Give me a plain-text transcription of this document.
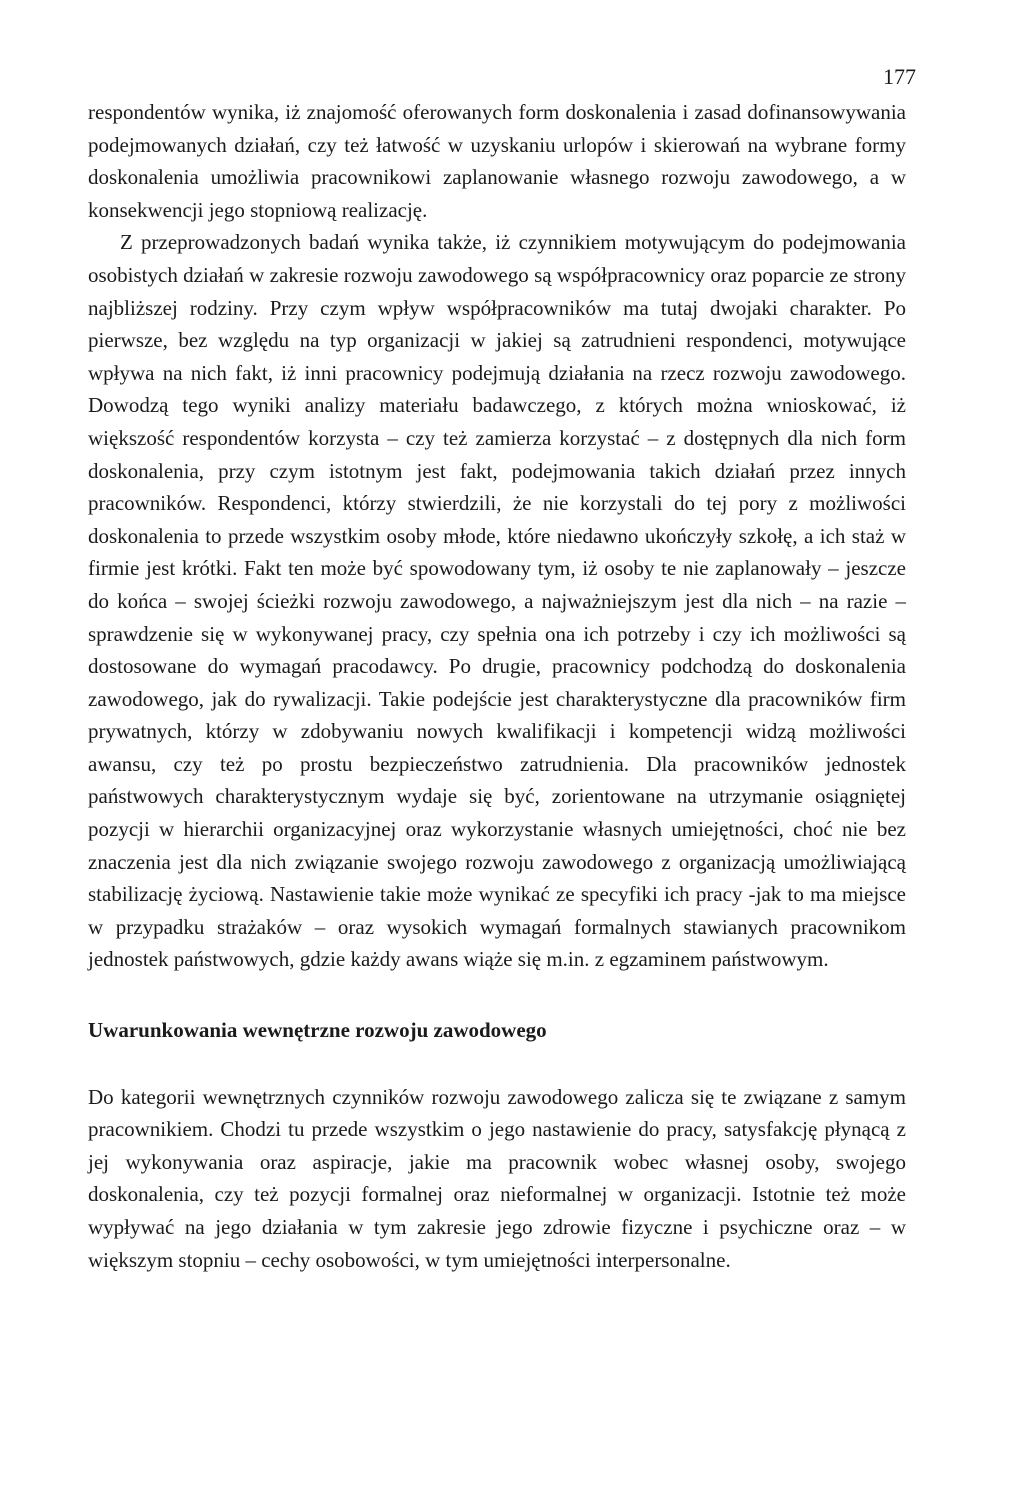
177

respondentów wynika, iż znajomość oferowanych form doskonalenia i zasad dofinansowywania podejmowanych działań, czy też łatwość w uzyskaniu urlopów i skierowań na wybrane formy doskonalenia umożliwia pracownikowi zaplanowanie własnego rozwoju zawodowego, a w konsekwencji jego stopniową realizację.

Z przeprowadzonych badań wynika także, iż czynnikiem motywującym do podejmowania osobistych działań w zakresie rozwoju zawodowego są współpracownicy oraz poparcie ze strony najbliższej rodziny. Przy czym wpływ współpracowników ma tutaj dwojaki charakter. Po pierwsze, bez względu na typ organizacji w jakiej są zatrudnieni respondenci, motywujące wpływa na nich fakt, iż inni pracownicy podejmują działania na rzecz rozwoju zawodowego. Dowodzą tego wyniki analizy materiału badawczego, z których można wnioskować, iż większość respondentów korzysta – czy też zamierza korzystać – z dostępnych dla nich form doskonalenia, przy czym istotnym jest fakt, podejmowania takich działań przez innych pracowników. Respondenci, którzy stwierdzili, że nie korzystali do tej pory z możliwości doskonalenia to przede wszystkim osoby młode, które niedawno ukończyły szkołę, a ich staż w firmie jest krótki. Fakt ten może być spowodowany tym, iż osoby te nie zaplanowały – jeszcze do końca – swojej ścieżki rozwoju zawodowego, a najważniejszym jest dla nich – na razie – sprawdzenie się w wykonywanej pracy, czy spełnia ona ich potrzeby i czy ich możliwości są dostosowane do wymagań pracodawcy. Po drugie, pracownicy podchodzą do doskonalenia zawodowego, jak do rywalizacji. Takie podejście jest charakterystyczne dla pracowników firm prywatnych, którzy w zdobywaniu nowych kwalifikacji i kompetencji widzą możliwości awansu, czy też po prostu bezpieczeństwo zatrudnienia. Dla pracowników jednostek państwowych charakterystycznym wydaje się być, zorientowane na utrzymanie osiągniętej pozycji w hierarchii organizacyjnej oraz wykorzystanie własnych umiejętności, choć nie bez znaczenia jest dla nich związanie swojego rozwoju zawodowego z organizacją umożliwiającą stabilizację życiową. Nastawienie takie może wynikać ze specyfiki ich pracy -jak to ma miejsce w przypadku strażaków – oraz wysokich wymagań formalnych stawianych pracownikom jednostek państwowych, gdzie każdy awans wiąże się m.in. z egzaminem państwowym.

Uwarunkowania wewnętrzne rozwoju zawodowego

Do kategorii wewnętrznych czynników rozwoju zawodowego zalicza się te związane z samym pracownikiem. Chodzi tu przede wszystkim o jego nastawienie do pracy, satysfakcję płynącą z jej wykonywania oraz aspiracje, jakie ma pracownik wobec własnej osoby, swojego doskonalenia, czy też pozycji formalnej oraz nieformalnej w organizacji. Istotnie też może wypływać na jego działania w tym zakresie jego zdrowie fizyczne i psychiczne oraz – w większym stopniu – cechy osobowości, w tym umiejętności interpersonalne.
